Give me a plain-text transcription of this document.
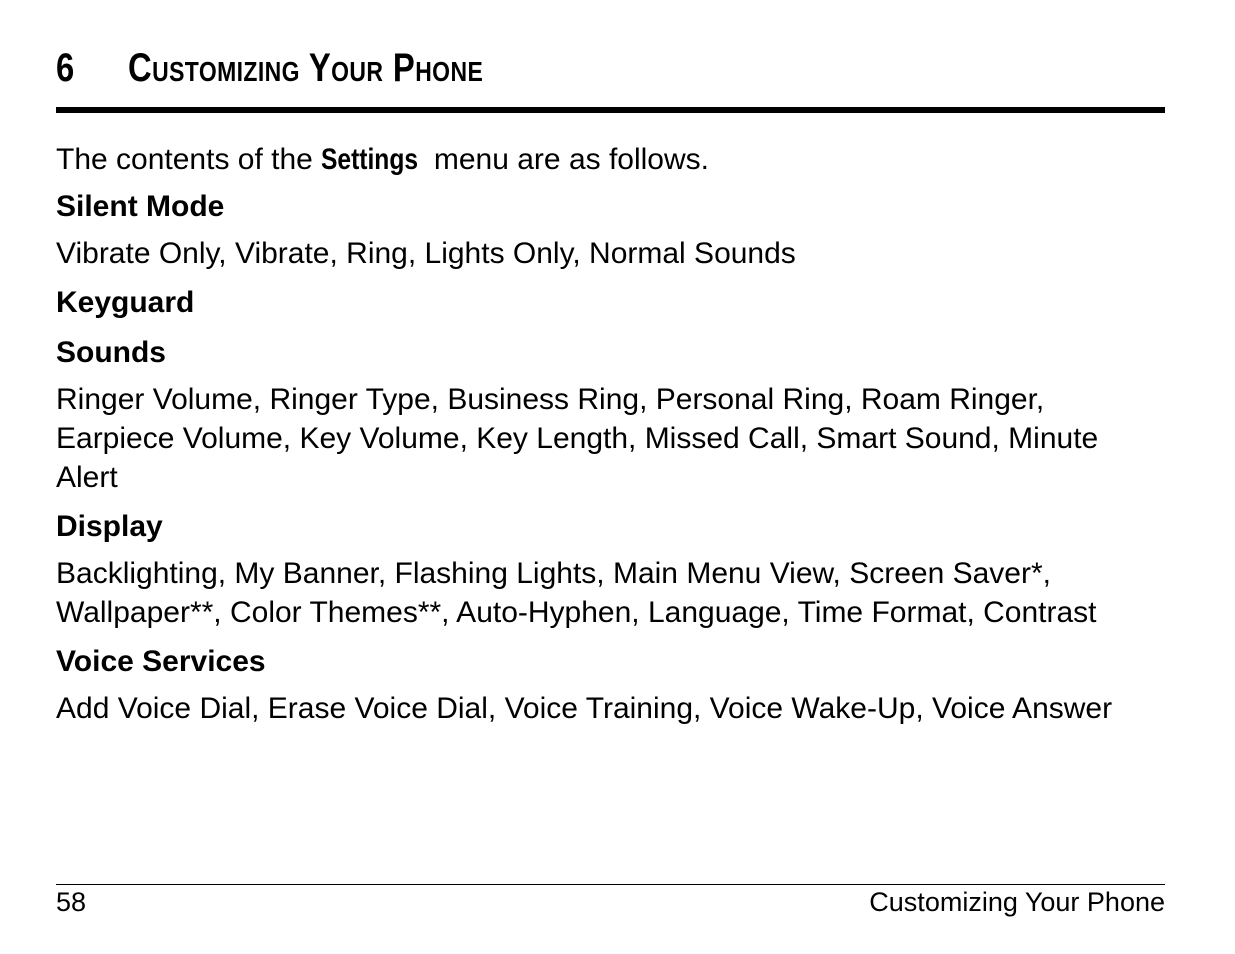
6	Customizing Your Phone

The contents of the Settings menu are as follows.

Silent Mode
Vibrate Only, Vibrate, Ring, Lights Only, Normal Sounds
Keyguard
Sounds
Ringer Volume, Ringer Type, Business Ring, Personal Ring, Roam Ringer, Earpiece Volume, Key Volume, Key Length, Missed Call, Smart Sound, Minute Alert
Display
Backlighting, My Banner, Flashing Lights, Main Menu View, Screen Saver*, Wallpaper**, Color Themes**, Auto-Hyphen, Language, Time Format, Contrast
Voice Services
Add Voice Dial, Erase Voice Dial, Voice Training, Voice Wake-Up, Voice Answer
58	Customizing Your Phone
